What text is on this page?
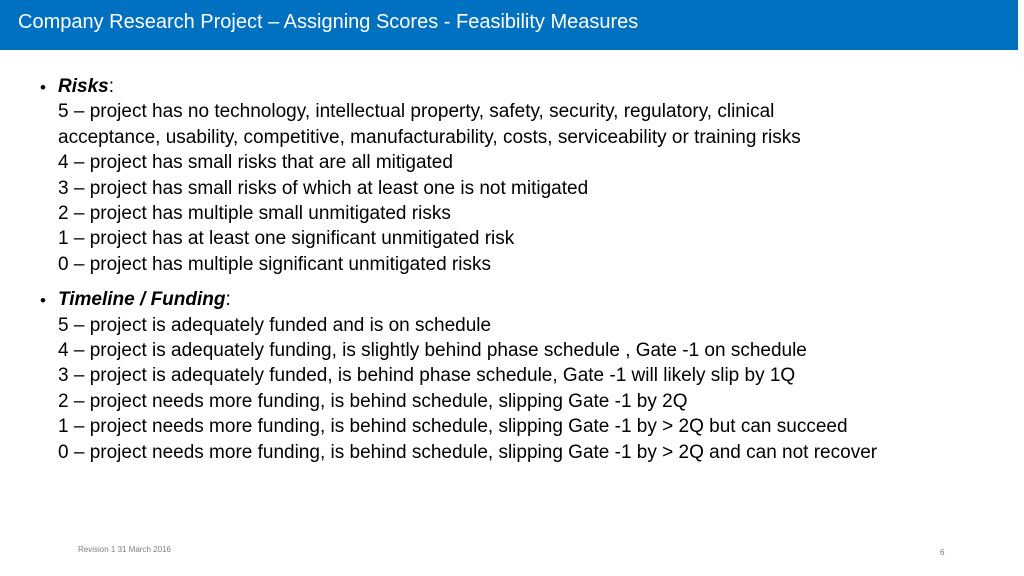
Company Research Project – Assigning Scores - Feasibility Measures
• Risks:
5 – project has no technology, intellectual property, safety, security, regulatory, clinical
acceptance, usability, competitive, manufacturability, costs, serviceability or training risks
4 – project has small risks that are all mitigated
3 – project has small risks of which at least one is not mitigated
2 – project has multiple small unmitigated risks
1 – project has at least one significant unmitigated risk
0 – project has multiple significant unmitigated risks
• Timeline / Funding:
5 – project is adequately funded and is on schedule
4 – project is adequately funding, is slightly behind phase schedule , Gate -1 on schedule
3 – project is adequately funded, is behind phase schedule, Gate -1 will likely slip by 1Q
2 – project needs more funding, is behind schedule, slipping Gate -1 by 2Q
1 – project needs more funding, is behind schedule, slipping Gate -1 by > 2Q but can succeed
0 – project needs more funding, is behind schedule, slipping Gate -1 by > 2Q and can not recover
Revision 1 31 March 2016	6
